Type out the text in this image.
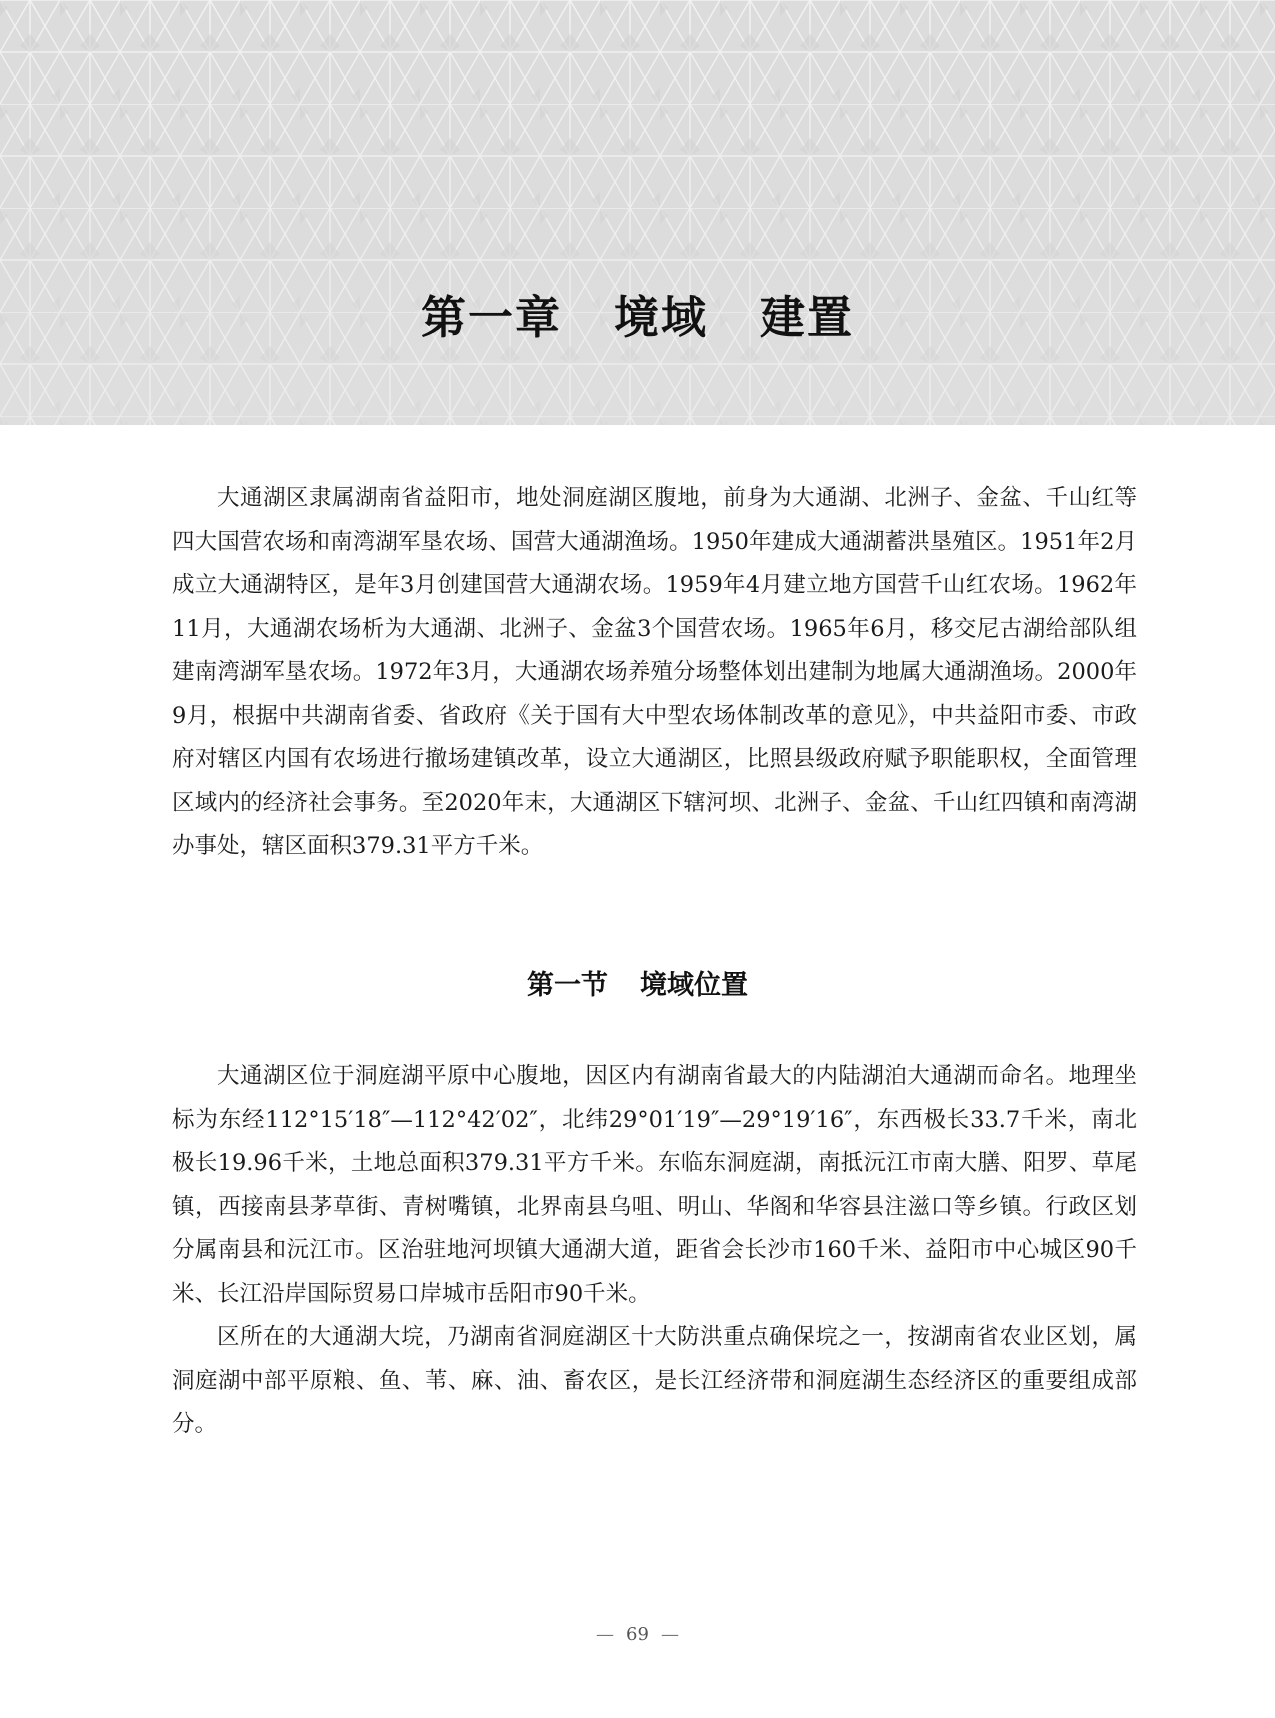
第一章 境域 建置

大通湖区隶属湖南省益阳市，地处洞庭湖区腹地，前身为大通湖、北洲子、金盆、千山红等四大国营农场和南湾湖军垦农场、国营大通湖渔场。1950年建成大通湖蓄洪垦殖区。1951年2月成立大通湖特区，是年3月创建国营大通湖农场。1959年4月建立地方国营千山红农场。1962年11月，大通湖农场析为大通湖、北洲子、金盆3个国营农场。1965年6月，移交尼古湖给部队组建南湾湖军垦农场。1972年3月，大通湖农场养殖分场整体划出建制为地属大通湖渔场。2000年9月，根据中共湖南省委、省政府《关于国有大中型农场体制改革的意见》，中共益阳市委、市政府对辖区内国有农场进行撤场建镇改革，设立大通湖区，比照县级政府赋予职能职权，全面管理区域内的经济社会事务。至2020年末，大通湖区下辖河坝、北洲子、金盆、千山红四镇和南湾湖办事处，辖区面积379.31平方千米。

第一节 境域位置

大通湖区位于洞庭湖平原中心腹地，因区内有湖南省最大的内陆湖泊大通湖而命名。地理坐标为东经112°15′18″—112°42′02″，北纬29°01′19″—29°19′16″，东西极长33.7千米，南北极长19.96千米，土地总面积379.31平方千米。东临东洞庭湖，南抵沅江市南大膳、阳罗、草尾镇，西接南县茅草街、青树嘴镇，北界南县乌咀、明山、华阁和华容县注滋口等乡镇。行政区划分属南县和沅江市。区治驻地河坝镇大通湖大道，距省会长沙市160千米、益阳市中心城区90千米、长江沿岸国际贸易口岸城市岳阳市90千米。

区所在的大通湖大垸，乃湖南省洞庭湖区十大防洪重点确保垸之一，按湖南省农业区划，属洞庭湖中部平原粮、鱼、苇、麻、油、畜农区，是长江经济带和洞庭湖生态经济区的重要组成部分。

— 69 —
